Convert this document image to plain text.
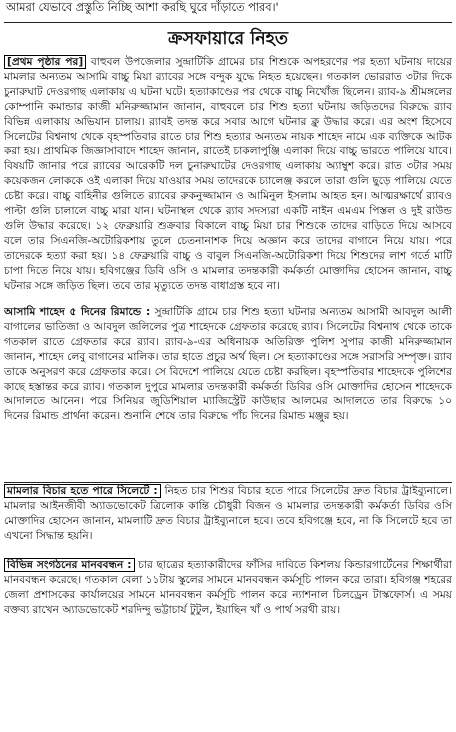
আমরা যেভাবে প্রস্তুতি নিচ্ছি আশা করছি ঘুরে দাঁড়াতে পারব।'
ক্রসফায়ারে নিহত

[প্রথম পৃষ্ঠার পর] বাহুবল উপজেলার সুন্দ্রাটিকি গ্রামের চার শিশুকে অপহরণের পর হত্যা ঘটনায় দায়ের মামলার অন্যতম আসামি বাচ্চু মিয়া র‍্যাবের সঙ্গে বন্দুক যুদ্ধে নিহত হয়েছেন। গতকাল ভোররাত ৩টার দিকে চুনারুঘাট দেওরগাছ এলাকায় এ ঘটনা ঘটে। হত্যাকাণ্ডের পর থেকে বাচ্চু নিখোঁজ ছিলেন। র‍্যাব-৯ শ্রীমঙ্গলের কোম্পানি কমান্ডার কাজী মনিরুজ্জামান জানান, বাহুবলে চার শিশু হত্যা ঘটনায় জড়িতদের বিরুদ্ধে র‍্যাব বিভিন্ন এলাকায় অভিযান চালায়। র‍্যাবই তদন্ত করে সবার আগে ঘটনার ক্লু উদ্ধার করে। এর অংশ হিসেবে সিলেটের বিশ্বনাথ থেকে বৃহস্পতিবার রাতে চার শিশু হত্যার অন্যতম নায়ক শাহেদ নামে এক ব্যক্তিকে আটক করা হয়। প্রাথমিক জিজ্ঞাসাবাদে শাহেদ জানান, রাতেই চাকলাপুঞ্জি এলাকা দিয়ে বাচ্চু ভারতে পালিয়ে যাবে। বিষয়টি জানার পরে র‍্যাবের আরেকটি দল চুনারুঘাটের দেওরগাছ এলাকায় অ্যাম্বুশ করে। রাত ৩টার সময় কয়েকজন লোককে ওই এলাকা দিয়ে যাওয়ার সময় তাদেরকে চ্যালেঞ্জ করলে তারা গুলি ছুড়ে পালিয়ে যেতে চেষ্টা করে। বাচ্চু বাহিনীর গুলিতে র‍্যাবের রুকনুজ্জামান ও আমিনুল ইসলাম আহত হন। আত্মরক্ষার্থে র‍্যাবও পাল্টা গুলি চালালে বাচ্চু মারা যান। ঘটনাস্থল থেকে র‍্যাব সদস্যরা একটি নাইন এমএম পিস্তল ও দুই রাউন্ড গুলি উদ্ধার করেছে। ১২ ফেব্রুয়ারি শুক্রবার বিকালে বাচ্চু মিয়া চার শিশুকে তাদের বাড়িতে দিয়ে আসবে বলে তার সিএনজি-অটোরিকশায় তুলে চেতনানাশক দিয়ে অজ্ঞান করে তাদের বাগানে নিয়ে যায়। পরে তাদেরকে হত্যা করা হয়। ১৪ ফেব্রুয়ারি বাচ্চু ও বাবুল সিএনজি-অটোরিকশা দিয়ে শিশুদের লাশ গর্তে মাটি চাপা দিতে নিয়ে যায়। হবিগঞ্জের ডিবি ওসি ও মামলার তদন্তকারী কর্মকর্তা মোক্তাদির হোসেন জানান, বাচ্চু ঘটনার সঙ্গে জড়িত ছিল। তবে তার মৃত্যুতে তদন্ত বাধাগ্রস্ত হবে না।

আসামি শাহেদ ৫ দিনের রিমান্ডে : সুন্দ্রাটিকি গ্রামে চার শিশু হত্যা ঘটনার অন্যতম আসামী আবদুল আলী বাগালের ভাতিজা ও আবদুল জলিলের পুত্র শাহেদকে গ্রেফতার করেছে র‍্যাব। সিলেটের বিশ্বনাথ থেকে তাকে গতকাল রাতে গ্রেফতার করে র‍্যাব। র‍্যাব-৯-এর অধিনায়ক অতিরিক্ত পুলিশ সুপার কাজী মনিরুজ্জামান জানান, শাহেদ লেবু বাগানের মালিক। তার হাতে প্রচুর অর্থ ছিল। সে হত্যাকাণ্ডের সঙ্গে সরাসরি সম্পৃক্ত। র‍্যাব তাকে অনুসরণ করে গ্রেফতার করে। সে বিদেশে পালিয়ে যেতে চেষ্টা করছিল। বৃহস্পতিবার শাহেদকে পুলিশের কাছে হস্তান্তর করে র‍্যাব। গতকাল দুপুরে মামলার তদন্তকারী কর্মকর্তা ডিবির ওসি মোক্তাদির হোসেন শাহেদকে আদালতে আনেন। পরে সিনিয়র জুডিশিয়াল ম্যাজিস্ট্রেট কাউছার আলমের আদালতে তার বিরুদ্ধে ১০ দিনের রিমান্ড প্রার্থনা করেন। শুনানি শেষে তার বিরুদ্ধে পাঁচ দিনের রিমান্ড মঞ্জুর হয়।

মামলার বিচার হতে পারে সিলেটে : নিহত চার শিশুর বিচার হতে পারে সিলেটের দ্রুত বিচার ট্রাইব্যুনালে। মামলার আইনজীবী অ্যাডভোকেট ত্রিলোক কান্তি চৌধুরী বিজন ও মামলার তদন্তকারী কর্মকর্তা ডিবির ওসি মোক্তাদির হোসেন জানান, মামলাটি দ্রুত বিচার ট্রাইব্যুনালে হবে। তবে হবিগঞ্জে হবে, না কি সিলেটে হবে তা এখনো সিদ্ধান্ত হয়নি।

বিভিন্ন সংগঠনের মানববন্ধন : চার ছাত্রের হত্যাকারীদের ফাঁসির দাবিতে কিশলয় কিন্ডারগার্টেনের শিক্ষার্থীরা মানববন্ধন করেছে। গতকাল বেলা ১১টায় স্কুলের সামনে মানববন্ধন কর্মসূচি পালন করে তারা। হবিগঞ্জ শহরের জেলা প্রশাসকের কার্যালয়ের সামনে মানববন্ধন কর্মসূচি পালন করে ন্যাশনাল চিলড্রেন টাস্কফোর্স। এ সময় বক্তব্য রাখেন অ্যাডভোকেট শরদিন্দু ভট্টাচার্য টুটুল, ইয়াছিন খাঁ ও পার্থ সরথী রায়।
